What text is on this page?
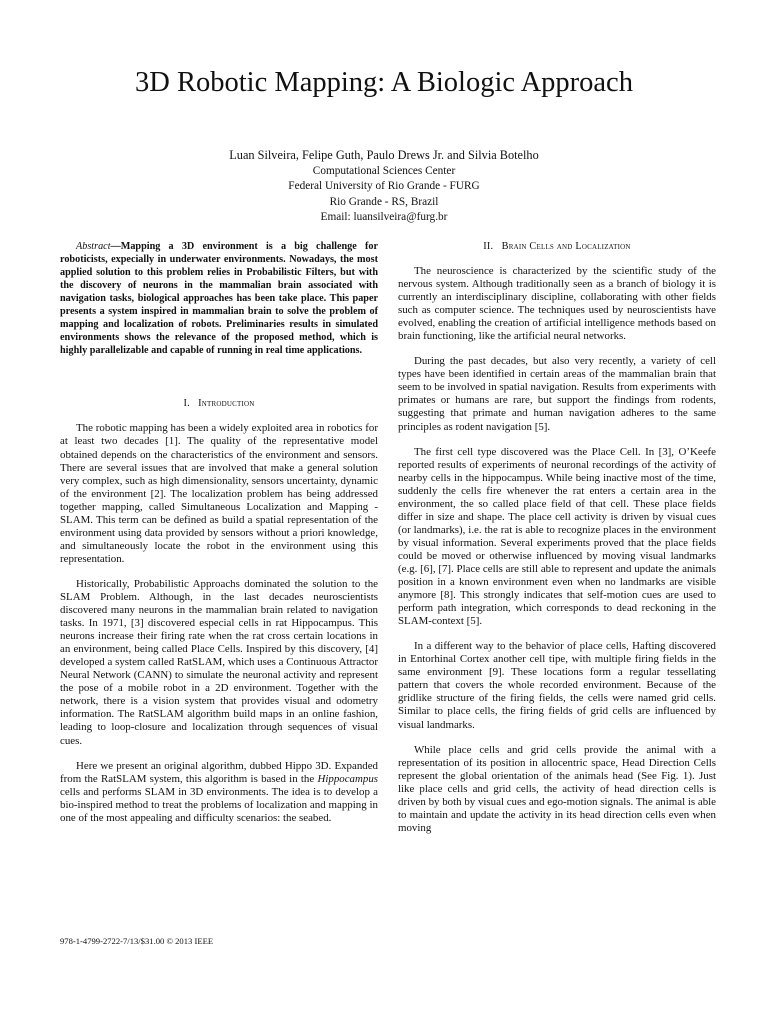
3D Robotic Mapping: A Biologic Approach
Luan Silveira, Felipe Guth, Paulo Drews Jr. and Silvia Botelho
Computational Sciences Center
Federal University of Rio Grande - FURG
Rio Grande - RS, Brazil
Email: luansilveira@furg.br

Abstract—Mapping a 3D environment is a big challenge for roboticists, expecially in underwater environments. Nowadays, the most applied solution to this problem relies in Probabilistic Filters, but with the discovery of neurons in the mammalian brain associated with navigation tasks, biological approaches has been take place. This paper presents a system inspired in mammalian brain to solve the problem of mapping and localization of robots. Preliminaries results in simulated environments shows the relevance of the proposed method, which is highly parallelizable and capable of running in real time applications.

I. Introduction

The robotic mapping has been a widely exploited area in robotics for at least two decades [1]. The quality of the representative model obtained depends on the characteristics of the environment and sensors. There are several issues that are involved that make a general solution very complex, such as high dimensionality, sensors uncertainty, dynamic of the environment [2]. The localization problem has being addressed together mapping, called Simultaneous Localization and Mapping - SLAM. This term can be defined as build a spatial representation of the environment using data provided by sensors without a priori knowledge, and simultaneously locate the robot in the environment using this representation.

Historically, Probabilistic Approachs dominated the solution to the SLAM Problem. Although, in the last decades neuroscientists discovered many neurons in the mammalian brain related to navigation tasks. In 1971, [3] discovered especial cells in rat Hippocampus. This neurons increase their firing rate when the rat cross certain locations in an environment, being called Place Cells. Inspired by this discovery, [4] developed a system called RatSLAM, which uses a Continuous Attractor Neural Network (CANN) to simulate the neuronal activity and represent the pose of a mobile robot in a 2D environment. Together with the network, there is a vision system that provides visual and odometry information. The RatSLAM algorithm build maps in an online fashion, leading to loop-closure and localization through sequences of visual cues.

Here we present an original algorithm, dubbed Hippo 3D. Expanded from the RatSLAM system, this algorithm is based in the Hippocampus cells and performs SLAM in 3D environments. The idea is to develop a bio-inspired method to treat the problems of localization and mapping in one of the most appealing and difficulty scenarios: the seabed.

II. Brain Cells and Localization

The neuroscience is characterized by the scientific study of the nervous system. Although traditionally seen as a branch of biology it is currently an interdisciplinary discipline, collaborating with other fields such as computer science. The techniques used by neuroscientists have evolved, enabling the creation of artificial intelligence methods based on brain functioning, like the artificial neural networks.

During the past decades, but also very recently, a variety of cell types have been identified in certain areas of the mammalian brain that seem to be involved in spatial navigation. Results from experiments with primates or humans are rare, but support the findings from rodents, suggesting that primate and human navigation adheres to the same principles as rodent navigation [5].

The first cell type discovered was the Place Cell. In [3], O’Keefe reported results of experiments of neuronal recordings of the activity of nearby cells in the hippocampus. While being inactive most of the time, suddenly the cells fire whenever the rat enters a certain area in the environment, the so called place field of that cell. These place fields differ in size and shape. The place cell activity is driven by visual cues (or landmarks), i.e. the rat is able to recognize places in the environment by visual information. Several experiments proved that the place fields could be moved or otherwise influenced by moving visual landmarks (e.g. [6], [7]. Place cells are still able to represent and update the animals position in a known environment even when no landmarks are visible anymore [8]. This strongly indicates that self-motion cues are used to perform path integration, which corresponds to dead reckoning in the SLAM-context [5].

In a different way to the behavior of place cells, Hafting discovered in Entorhinal Cortex another cell tipe, with multiple firing fields in the same environment [9]. These locations form a regular tessellating pattern that covers the whole recorded environment. Because of the gridlike structure of the firing fields, the cells were named grid cells. Similar to place cells, the firing fields of grid cells are influenced by visual landmarks.

While place cells and grid cells provide the animal with a representation of its position in allocentric space, Head Direction Cells represent the global orientation of the animals head (See Fig. 1). Just like place cells and grid cells, the activity of head direction cells is driven by both by visual cues and ego-motion signals. The animal is able to maintain and update the activity in its head direction cells even when moving

978-1-4799-2722-7/13/$31.00 © 2013 IEEE
